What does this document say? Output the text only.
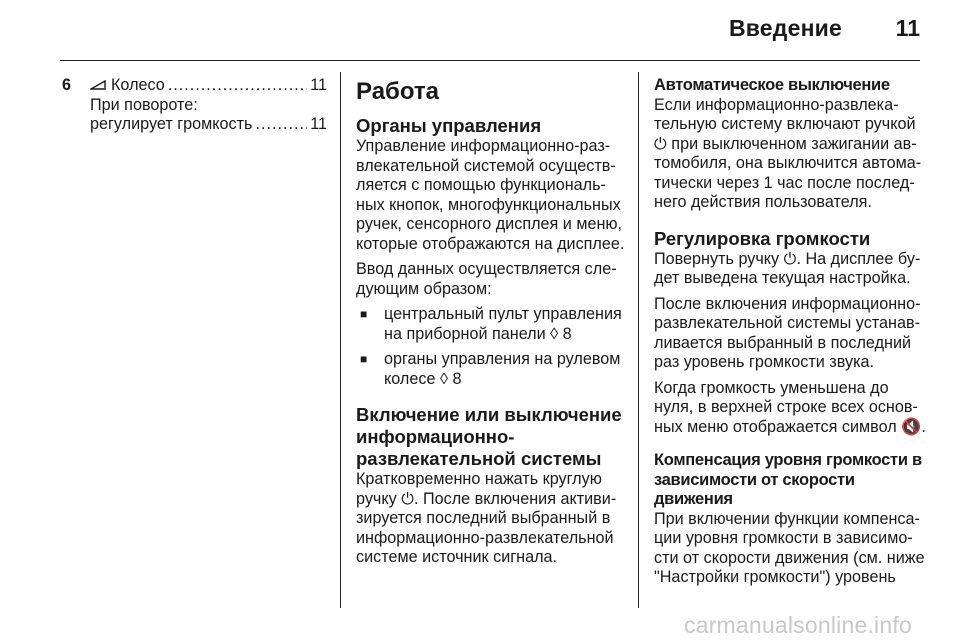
Введение 11
6	Колесо .....	11
При повороте:
регулирует громкость .....	11
Работа
Органы управления

Управление информационно-развлекательной системой осуществляется с помощью функциональных кнопок, многофункциональных ручек, сенсорного дисплея и меню, которые отображаются на дисплее.

Ввод данных осуществляется следующим образом:

■	центральный пульт управления на приборной панели ◊ 8
■	органы управления на рулевом колесе ◊ 8
Включение или выключение информационно-развлекательной системы

Кратковременно нажать круглую ручку ⏻. После включения активизируется последний выбранный в информационно-развлекательной системе источник сигнала.

Автоматическое выключение

Если информационно-развлекательную систему включают ручкой ⏻ при выключенном зажигании автомобиля, она выключится автоматически через 1 час после последнего действия пользователя.

Регулировка громкости

Повернуть ручку ⏻. На дисплее будет выведена текущая настройка.

После включения информационно-развлекательной системы устанавливается выбранный в последний раз уровень громкости звука.

Когда громкость уменьшена до нуля, в верхней строке всех основных меню отображается символ 🔇.

Компенсация уровня громкости в зависимости от скорости движения

При включении функции компенсации уровня громкости в зависимости от скорости движения (см. ниже "Настройки громкости") уровень

carmanualsonline.info
